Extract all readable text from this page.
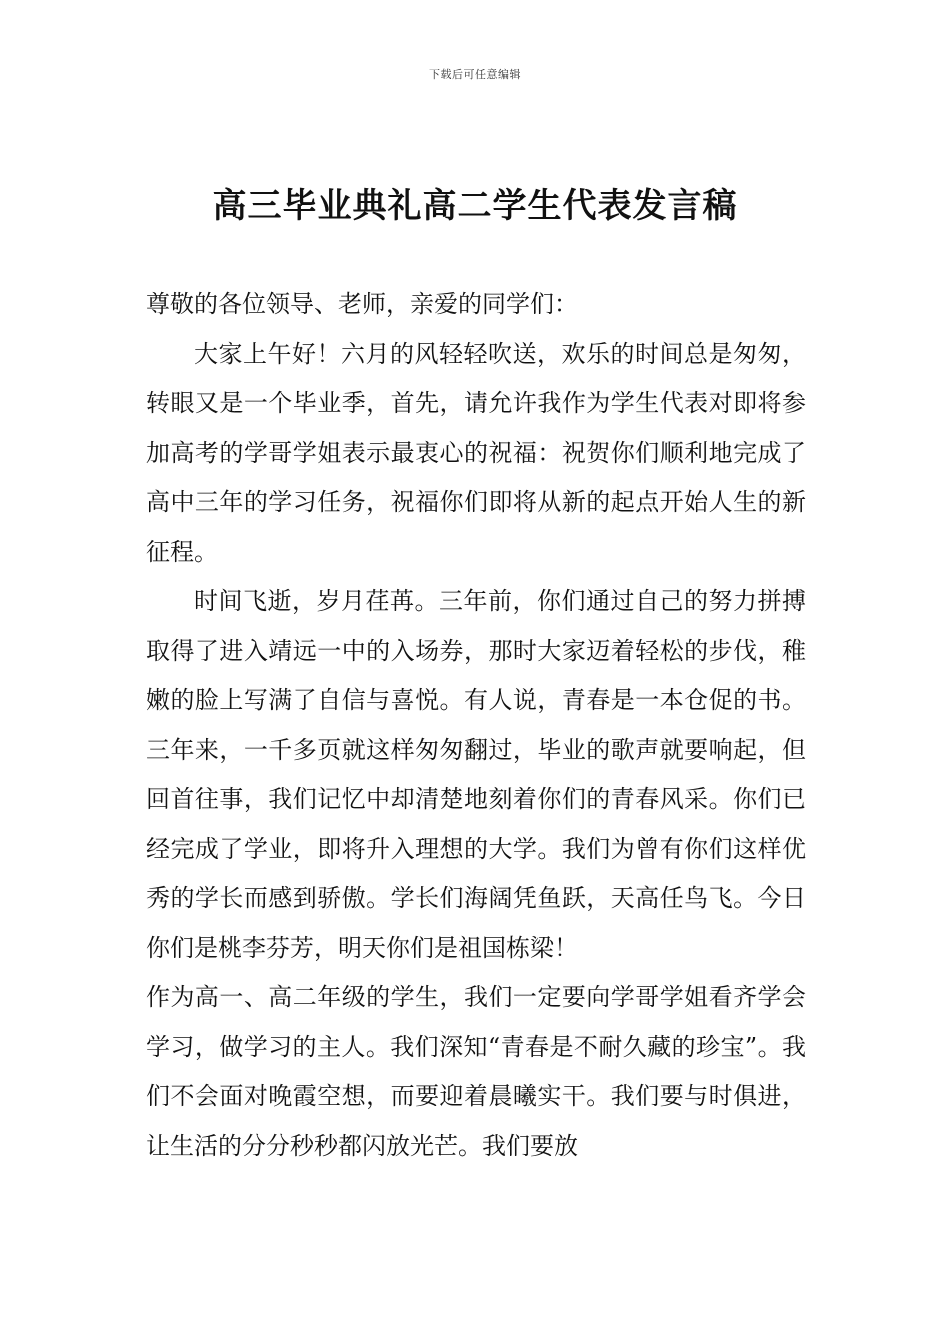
下载后可任意编辑
高三毕业典礼高二学生代表发言稿

尊敬的各位领导、老师，亲爱的同学们：

大家上午好！六月的风轻轻吹送，欢乐的时间总是匆匆，转眼又是一个毕业季，首先，请允许我作为学生代表对即将参加高考的学哥学姐表示最衷心的祝福：祝贺你们顺利地完成了高中三年的学习任务，祝福你们即将从新的起点开始人生的新征程。

时间飞逝，岁月荏苒。三年前，你们通过自己的努力拼搏取得了进入靖远一中的入场券，那时大家迈着轻松的步伐，稚嫩的脸上写满了自信与喜悦。有人说，青春是一本仓促的书。三年来，一千多页就这样匆匆翻过，毕业的歌声就要响起，但回首往事，我们记忆中却清楚地刻着你们的青春风采。你们已经完成了学业，即将升入理想的大学。我们为曾有你们这样优秀的学长而感到骄傲。学长们海阔凭鱼跃，天高任鸟飞。今日你们是桃李芬芳，明天你们是祖国栋梁！

作为高一、高二年级的学生，我们一定要向学哥学姐看齐学会学习，做学习的主人。我们深知“青春是不耐久藏的珍宝”。我们不会面对晚霞空想，而要迎着晨曦实干。我们要与时俱进，让生活的分分秒秒都闪放光芒。我们要放
